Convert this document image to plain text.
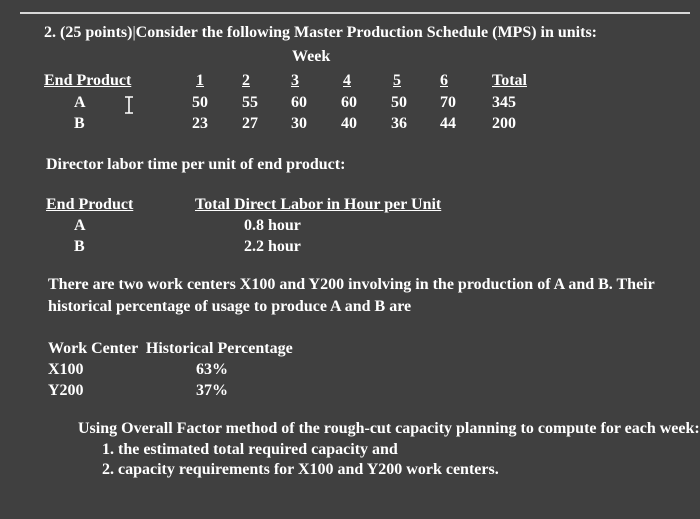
2. (25 points)|Consider the following Master Production Schedule (MPS) in units:
Week
End Product	1 2	3	4	5 6	Total
A	50 55 60 60 50 70 345
B	23 27 30 40 36 44 200
Director labor time per unit of end product:
End Product	Total Direct Labor in Hour per Unit
A	0.8 hour
B	2.2 hour
There are two work centers X100 and Y200 involving in the production of A and B. Their
historical percentage of usage to produce A and B are
Work Center  Historical Percentage
X100	63%
Y200	37%
Using Overall Factor method of the rough-cut capacity planning to compute for each week:
1. the estimated total required capacity and
2. capacity requirements for X100 and Y200 work centers.
